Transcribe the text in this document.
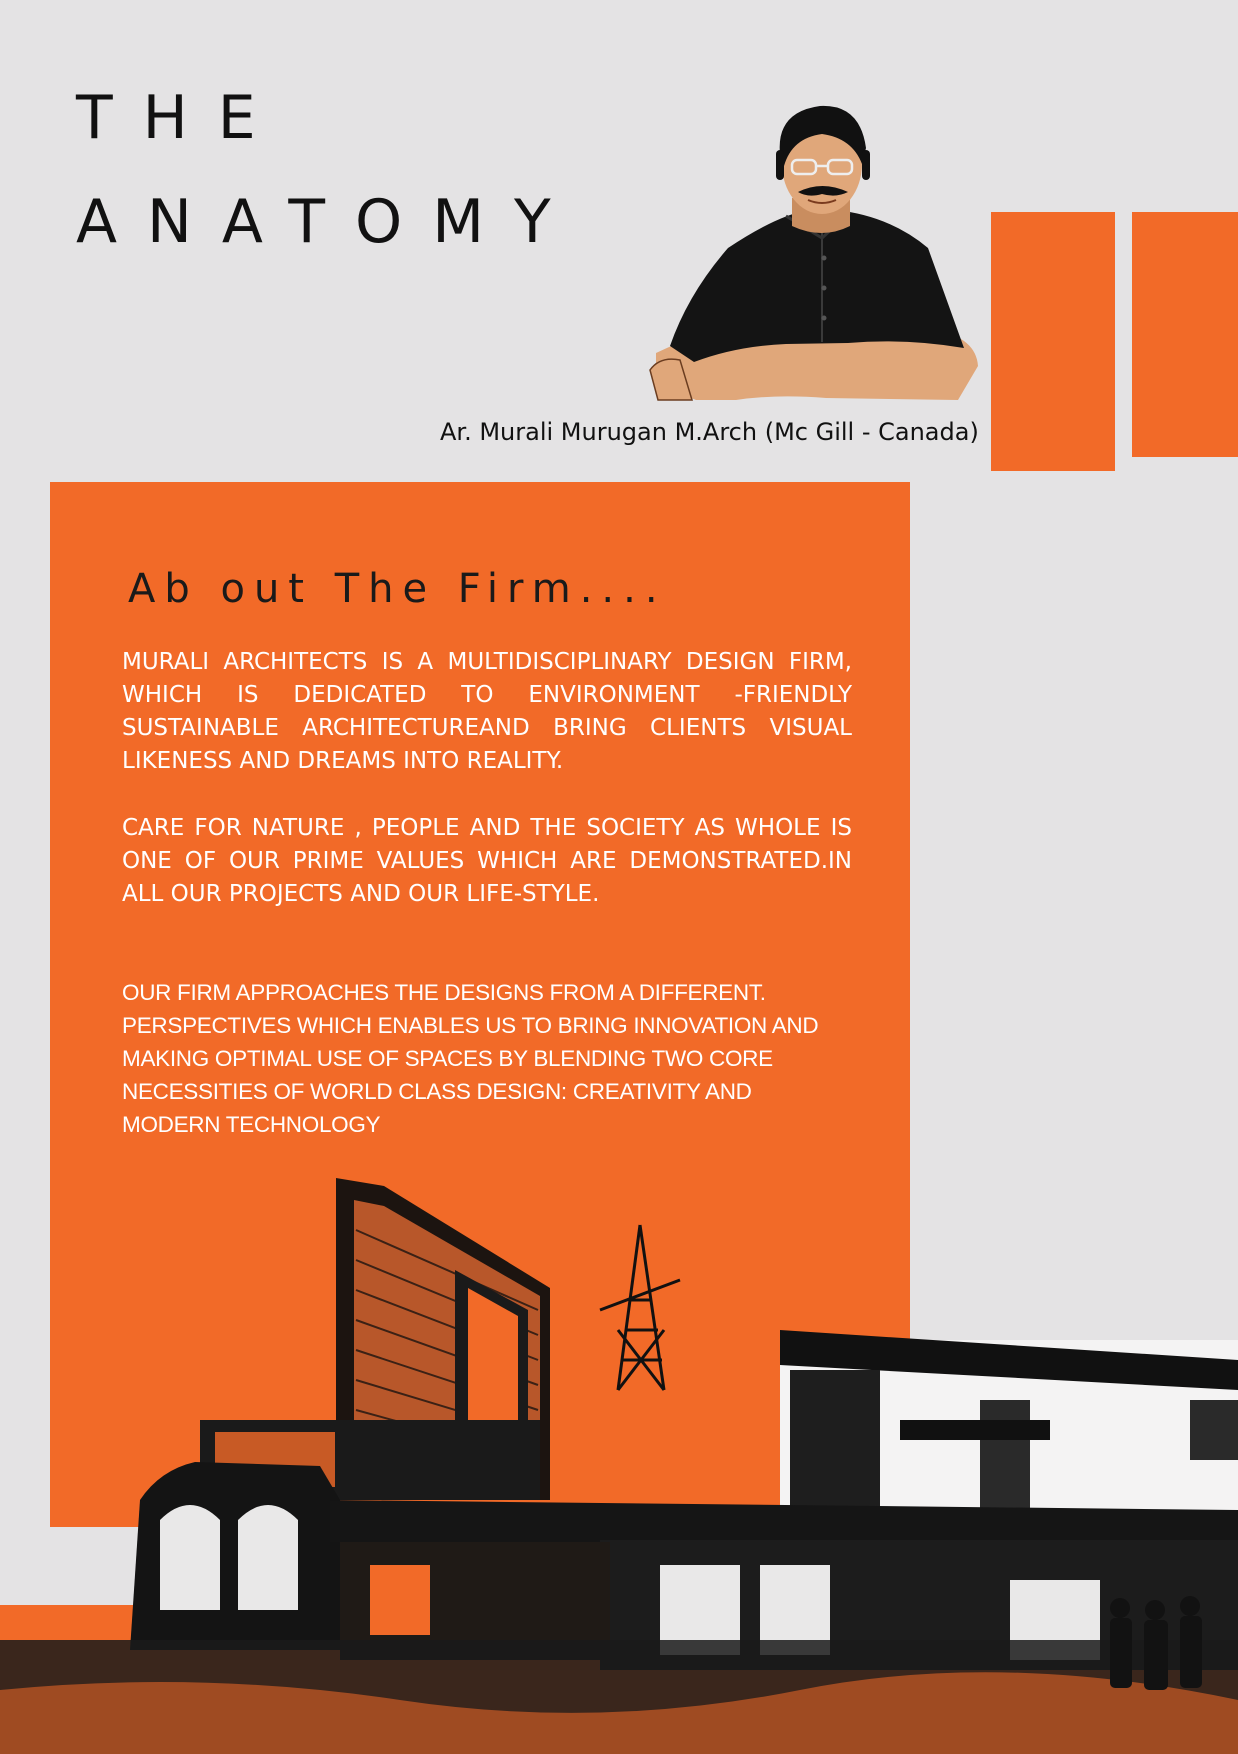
THE
ANATOMY
Ar. Murali Murugan M.Arch (Mc Gill - Canada)
Ab out The Firm....
MURALI ARCHITECTS IS A MULTIDISCIPLINARY DESIGN FIRM, WHICH IS DEDICATED TO ENVIRONMENT -FRIENDLY SUSTAINABLE ARCHITECTUREAND BRING CLIENTS VISUAL LIKENESS AND DREAMS INTO REALITY.
CARE FOR NATURE , PEOPLE AND THE SOCIETY AS WHOLE IS ONE OF OUR PRIME VALUES WHICH ARE DEMONSTRATED.IN ALL OUR PROJECTS AND OUR LIFE-STYLE.
OUR FIRM APPROACHES THE DESIGNS FROM A DIFFERENT. PERSPECTIVES WHICH ENABLES US TO BRING INNOVATION AND MAKING OPTIMAL USE OF SPACES BY BLENDING TWO CORE NECESSITIES OF WORLD CLASS DESIGN: CREATIVITY AND MODERN TECHNOLOGY
